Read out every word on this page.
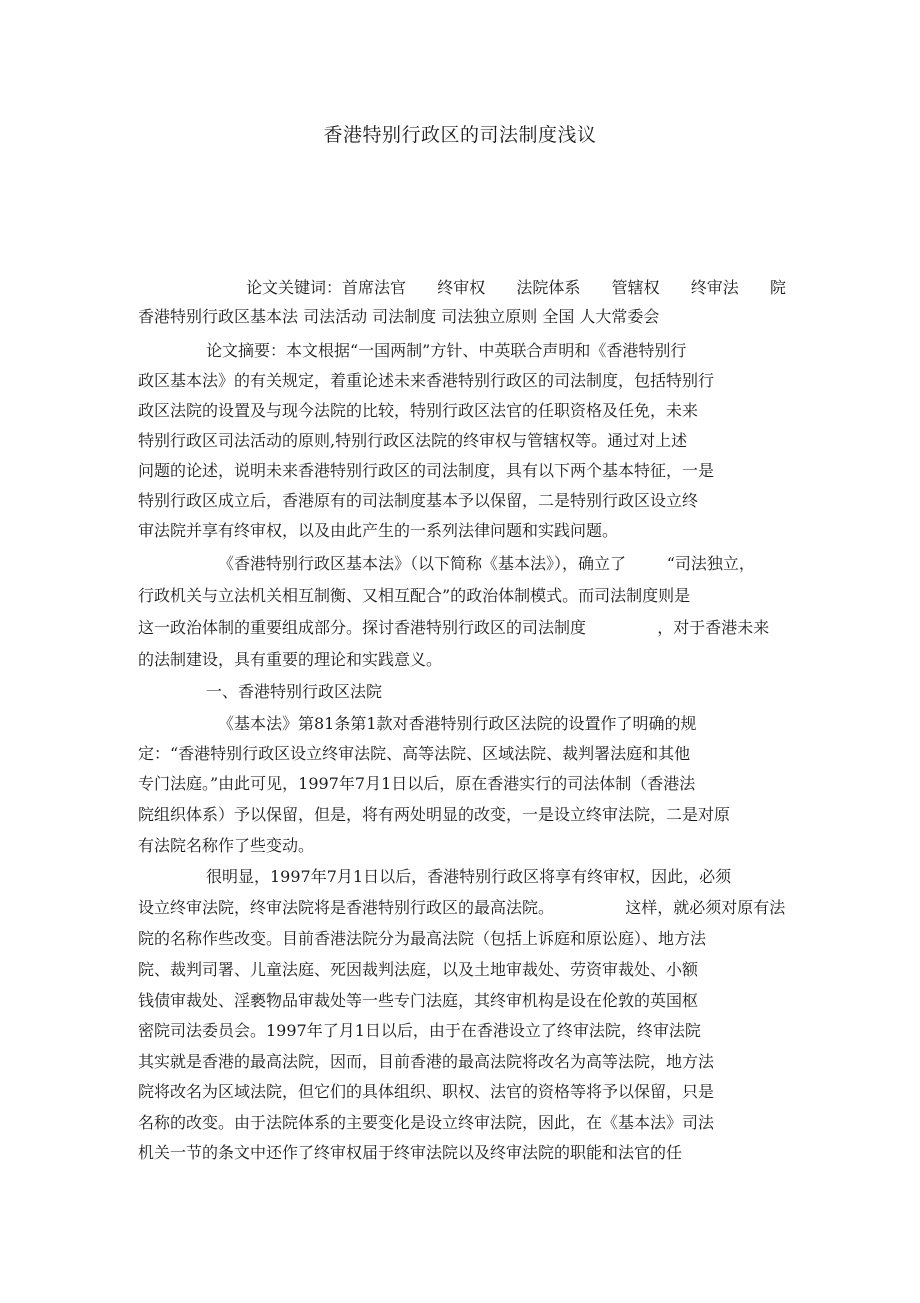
香港特别行政区的司法制度浅议
论文关键词：首席法官 终审权 法院体系 管辖权 终审法 院
香港特别行政区基本法 司法活动 司法制度 司法独立原则 全国 人大常委会
论文摘要：本文根据“一国两制”方针、中英联合声明和《香港特别行
政区基本法》的有关规定，着重论述未来香港特别行政区的司法制度，包括特别行
政区法院的设置及与现今法院的比较，特别行政区法官的任职资格及任免，未来
特别行政区司法活动的原则,特别行政区法院的终审权与管辖权等。通过对上述
问题的论述，说明未来香港特别行政区的司法制度，具有以下两个基本特征，一是
特别行政区成立后，香港原有的司法制度基本予以保留，二是特别行政区设立终
审法院并享有终审权，以及由此产生的一系列法律问题和实践问题。
《香港特别行政区基本法》（以下简称《基本法》），确立了        “司法独立，
行政机关与立法机关相互制衡、又相互配合”的政治体制模式。而司法制度则是
这一政治体制的重要组成部分。探讨香港特别行政区的司法制度              ，对于香港未来
的法制建设，具有重要的理论和实践意义。
一、香港特别行政区法院
《基本法》第81条第1款对香港特别行政区法院的设置作了明确的规
定：“香港特别行政区设立终审法院、高等法院、区域法院、裁判署法庭和其他
专门法庭。”由此可见，1997年7月1日以后，原在香港实行的司法体制（香港法
院组织体系）予以保留，但是，将有两处明显的改变，一是设立终审法院，二是对原
有法院名称作了些变动。
很明显，1997年7月1日以后，香港特别行政区将享有终审权，因此，必须
设立终审法院，终审法院将是香港特别行政区的最高法院。              这样，就必须对原有法
院的名称作些改变。目前香港法院分为最高法院（包括上诉庭和原讼庭）、地方法
院、裁判司署、儿童法庭、死因裁判法庭，以及土地审裁处、劳资审裁处、小额
钱债审裁处、淫褻物品审裁处等一些专门法庭，其终审机构是设在伦敦的英国枢
密院司法委员会。1997年了月1日以后，由于在香港设立了终审法院，终审法院
其实就是香港的最高法院，因而，目前香港的最高法院将改名为高等法院，地方法
院将改名为区域法院，但它们的具体组织、职权、法官的资格等将予以保留，只是
名称的改变。由于法院体系的主要变化是设立终审法院，因此，在《基本法》司法
机关一节的条文中还作了终审权届于终审法院以及终审法院的职能和法官的任
